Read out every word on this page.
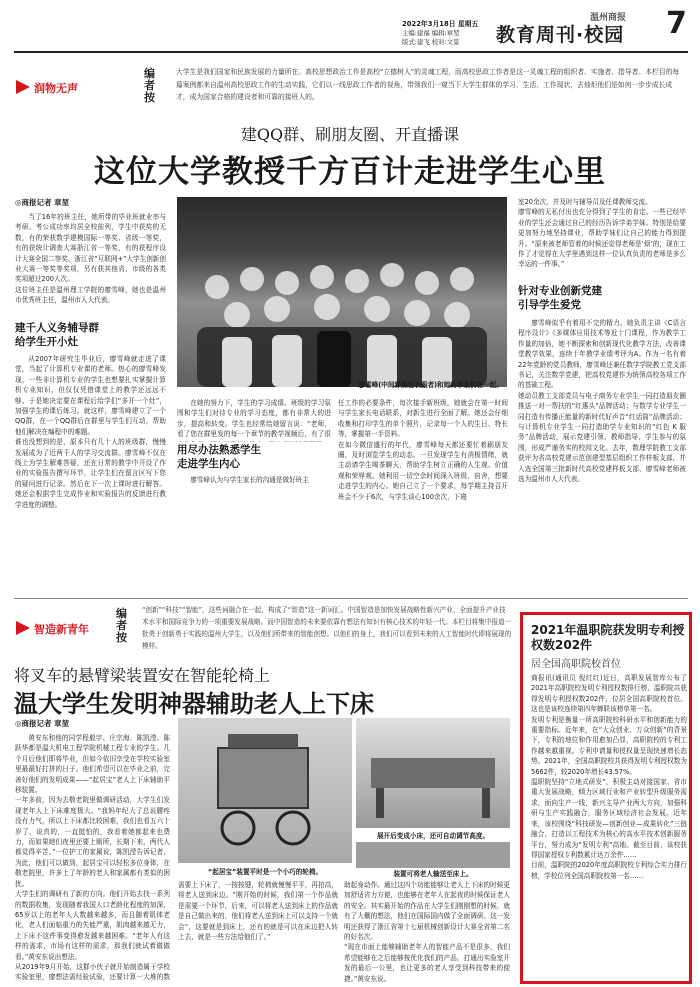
2022年3月18日 星期五
主编:建福 编辑:章堃
版式:建飞 校对:文景
温州商报
教育周刊·校园 7
润物无声
编者按
大学生是我们国家和民族发展的力量所在。高校思想政治工作是高校“立德树人”的灵魂工程，而高校思政工作者是这一灵魂工程的组织者、实施者、指导者。本栏目的每篇案例都来自温州高校思政工作的生动实践，它们以一线思政工作者的视角，带领我们一窥当下大学生群体的学习、生活、工作现状，去烛炬他们是如何一步步成长成才，成为国家合格的建设者和可靠的接班人的。
建QQ群、刷朋友圈、开直播课
这位大学教授千方百计走进学生心里
◎商报记者 章堃
当了16年的班主任，她所带的毕业班就业率与考研、考公成功率均居全校前列，学生中获奖的无数，有的荣获数学建模国际一等奖、省级一等奖，有的获统计调查大赛浙江省一等奖，有的获程序设计大赛全国二等奖、浙江省“互联网+”大学生创新创业大赛一等奖等奖项，另有获其他省、市级的各类奖项超过200人次。
这位班主任是温州理工学院的廖雪峰，她也是温州市优秀班主任，温州市人大代表。
建千人义务辅导群
给学生开小灶
从2007年研究生毕业后，廖雪峰就走进了课堂，当起了计算机专业课的老师。热心的廖雪峰发现，一些非计算机专业的学生也想要扎实掌握计算机专业知识，但仅仅凭借课堂上的教学还远远不够。于是她决定要在课程后给学们“多开一个灶”，加强学生的课后练习。就这样，廖雪峰建立了一个QQ群，在一个QQ群后在群里与学生们互动，帮助他们解决在编程中的难题。
谁也没想到的是，原本只有几十人的班级群，慢慢发展成为了近两千人的学习交流群。廖雪峰不仅在线上为学生解难答疑，还在日常的教学中开设了作业的实验报告撰写环节，让学生们在留言区写下您的疑问进行记录。然后在下一次上课时进行解答。她还会根据学生完成作业和实验报告的反馈进行教学进度的调整。
廖雪峰(中间穿黑色衣服者)和她的学生们在一起。
在她的努力下，学生的学习成绩、班级的学习氛围和学生们对待专业的学习态度，都有非常大的进步，提高和转变。学生也经常给她留言说：“老师，看了您在群里发的每一个章节的教学视频后，有了很

用尽办法熟悉学生
走进学生内心
廖雪峰认为与学生家长的沟通是做好班主
任工作的必要条件，每次接手新班级，她就会在第一时间与学生家长电话联系，对新生进行全面了解。她还会仔细收集和打印学生的单个照片，记录每一个人的生日、特长等，掌握第一手资料。
在如今微信盛行的年代，廖雪峰每天都还要忙着刷朋友圈，及时浏览学生的动态。一旦发现学生有消极情绪，就主动请学生喝茶聊天，帮助学生树立正确的人生观、价值观和荣辱观。她利用一切空余时间深入班级、宿舍，想要走进学生的内心。她自己立了一个要求，每学期主持召开班会不少于6次，与学生谈心100余次，下寝
室20余次，并及时与辅导员及任课教师交流。
廖雪峰的无私付出也充分得到了学生的肯定。一些已经毕业的学生还会通过自己的经历告诉学弟学妹、特别是给要更加努力地坚持课业，帮助学妹们让自己的能力得到提升。“原来被老师管着的时候还觉得老师是‘烦’的，现在工作了才觉得在大学里遇到这样一位认真负责的老师是多么幸运的一件事。”
针对专业创新党建
引导学生爱党
廖雪峰似乎有着用不完的精力。她负责主讲《C语言程序设计》《多媒体应用技术等近十门课程，作为教学工作量的加倍，她不断探索和创新现代化教学方法，改善课堂教学效果，连续十年教学业绩考评为A。作为一名有着22年党龄的党员教师，廖雪峰还兼任数学学院教工党支部书记，关注数学党建，把高校党建作为统领高校各项工作的基础工程。
她动员教工支部党员与电子商务专业学生一同打造朋友圈推送一对一帮扶的“红惠头”品牌活动；与数学专业学生一同打造有传播正能量的新时代好声音“红话筒”品牌活动；与计算机专业学生一同打造助学专业知识的“红色 K 服务”品牌活动，展示党建引领、教师指导、学生参与的氛围，形成严谨务实的校园文化。去年，数理学院教工支部获评为省高校党建示范创建型基层组织工作样板支部，并入选全国第三批新时代高校党建样板支部，廖雪峰老师被选为温州市人大代表。
智造新青年
编者按
“创新”“科技”“智能”，这些词融合在一起，构成了“智造”这一新词汇。中国智造是加快发展战略性新兴产业、全面提升产业技术水平和国际竞争力的一项重要发展战略。而中国智造的未来要依靠有想法有知识有核心技术的年轻一代。本栏目将集中报道一批勇于创新勇于实践的温州大学生，以及他们所带来的智能创想。以他们的身上，我们可以看到未来的人工智能时代即将展现的模样。
将叉车的悬臂梁装置安在智能轮椅上
温大学生发明神器辅助老人上下床
◎商报记者 章堃
黄安东和他的同学程毅宇、庄宗海、陈凯滢、陈跃华都是温大机电工程学院机械工程专业的学生。几个月后他们即将毕业，但如今依旧享受在学校实验室里最最好打拼的日子。他们希望可以在毕业之前，完善好他们的发明成果——“起居宝”老人上下床辅助平移装置。
一年多前，因为去敬老院里做调研活动，大学生们发现老年人上下床难度极大。“我妈年纪大了总说腰疼没有力气，所以上下床都比较困难，我们也看五六十岁了，说真的，一直挺怕的，我看着她都起来也费力，而如果她们夜里还要上厕所，长期下来，两代人都觉得辛苦。”一位护工的家属说，陈凯滢告诉记者，为此，他们可以做到，起居宝可以轻松多位身体，在敬老院里，许多上了年龄的老人和家属都有类似的困扰。
大学生们的调研有了新的方向。他们开始去找一系列的数据收集，发现随着我国人口老龄化程度的加深，65岁以上的老年人人数越来越多，而且随着肌体老化，老人们面临重力的失能严重，肌肉越来越无力，上下床不这件事变得愈发越来越困难。“老年人有这样的需求，市场有这样的需求，那我们就试着做做看。”黄安东说出想法。
从2019年9月开始，这群小伙子就开始制造属于学校实验室里，廖想法需经验试验，还要计算一大堆的数
“起居宝”装置平时是一个小巧的轮椅。
展开后变成小床，还可自动调节高度。
装置可将老人输送至床上。
需要上下床了，一按按键，轮椅就慢慢平平，再拍高，将老人送到床边。“刚开始的时候，我们第一个作品就是需要一个环节，后来，可以将老人送到床上的作品就是自己做出来的，他们将老人送到床上可以支持一个就会“，这要就是到床上，还有的就是可以在床边把人转上去，就是一些方法给他们了。”
助起身动作。通过这四个功能能够让老人上下床的时候更加舒适省力方便，也能够在老年人在起夜的时候保证老人的安全。其实最开始的作品在大学生们刚刚想的时候，就有了大概的想法，他们在国际国内做了全面调研。这一发明还获得了浙江省第十七届机械创新设计大赛全省第二名的好名次。
“现在市面上能够辅助老年人的智能产品不是很多，我们希望能够在之后能够按优化我们的产品，打通出实验室开发的最后一公里，也让更多的老人享受到科技带来的便捷。”黄安东说。
2021年温职院获发明专利授权数202件
居全国高职院校首位
商报讯(通讯员 倪红红)近日，高职发展智库公布了2021年高职院校发明专利授权数排行榜，温职院共获得发明专利授权数202件，位居全国高职院校首位。这也是该校连续第四年蝉联该榜单第一名。
发明专利是衡量一所高职院校科研水平和创新能力的重要指标。近年来，在“大众创业、万众创新”的背景下，专利的地位和作用愈加凸显，高职院校的专利工作越来越重视。专利申请量和授权量呈现快速增长态势。2021年，全国高职院校共获得发明专利授权数为5662件，较2020年增长43.57%。
温职院坚持“立地式研发”，积极主动对接国家、省市重大发展战略，倾力区域行业和产业转型升级服务需求，面向生产一线，新兴主导产业两大方向，加强科研与生产实践融合，服务区域经济社会发展。近年来，该校围绕“科技研发—创新创业—成果转化”三链融合，打造以工程技术为核心的高水平技术创新服务平台，努力成为“发明专利”高地。截至目前，该校获得国家授权专利数累计达万余件……
目前，温职院的2020年度高职院校专利综合实力排行榜，学校位列全国高职院校第一名……
